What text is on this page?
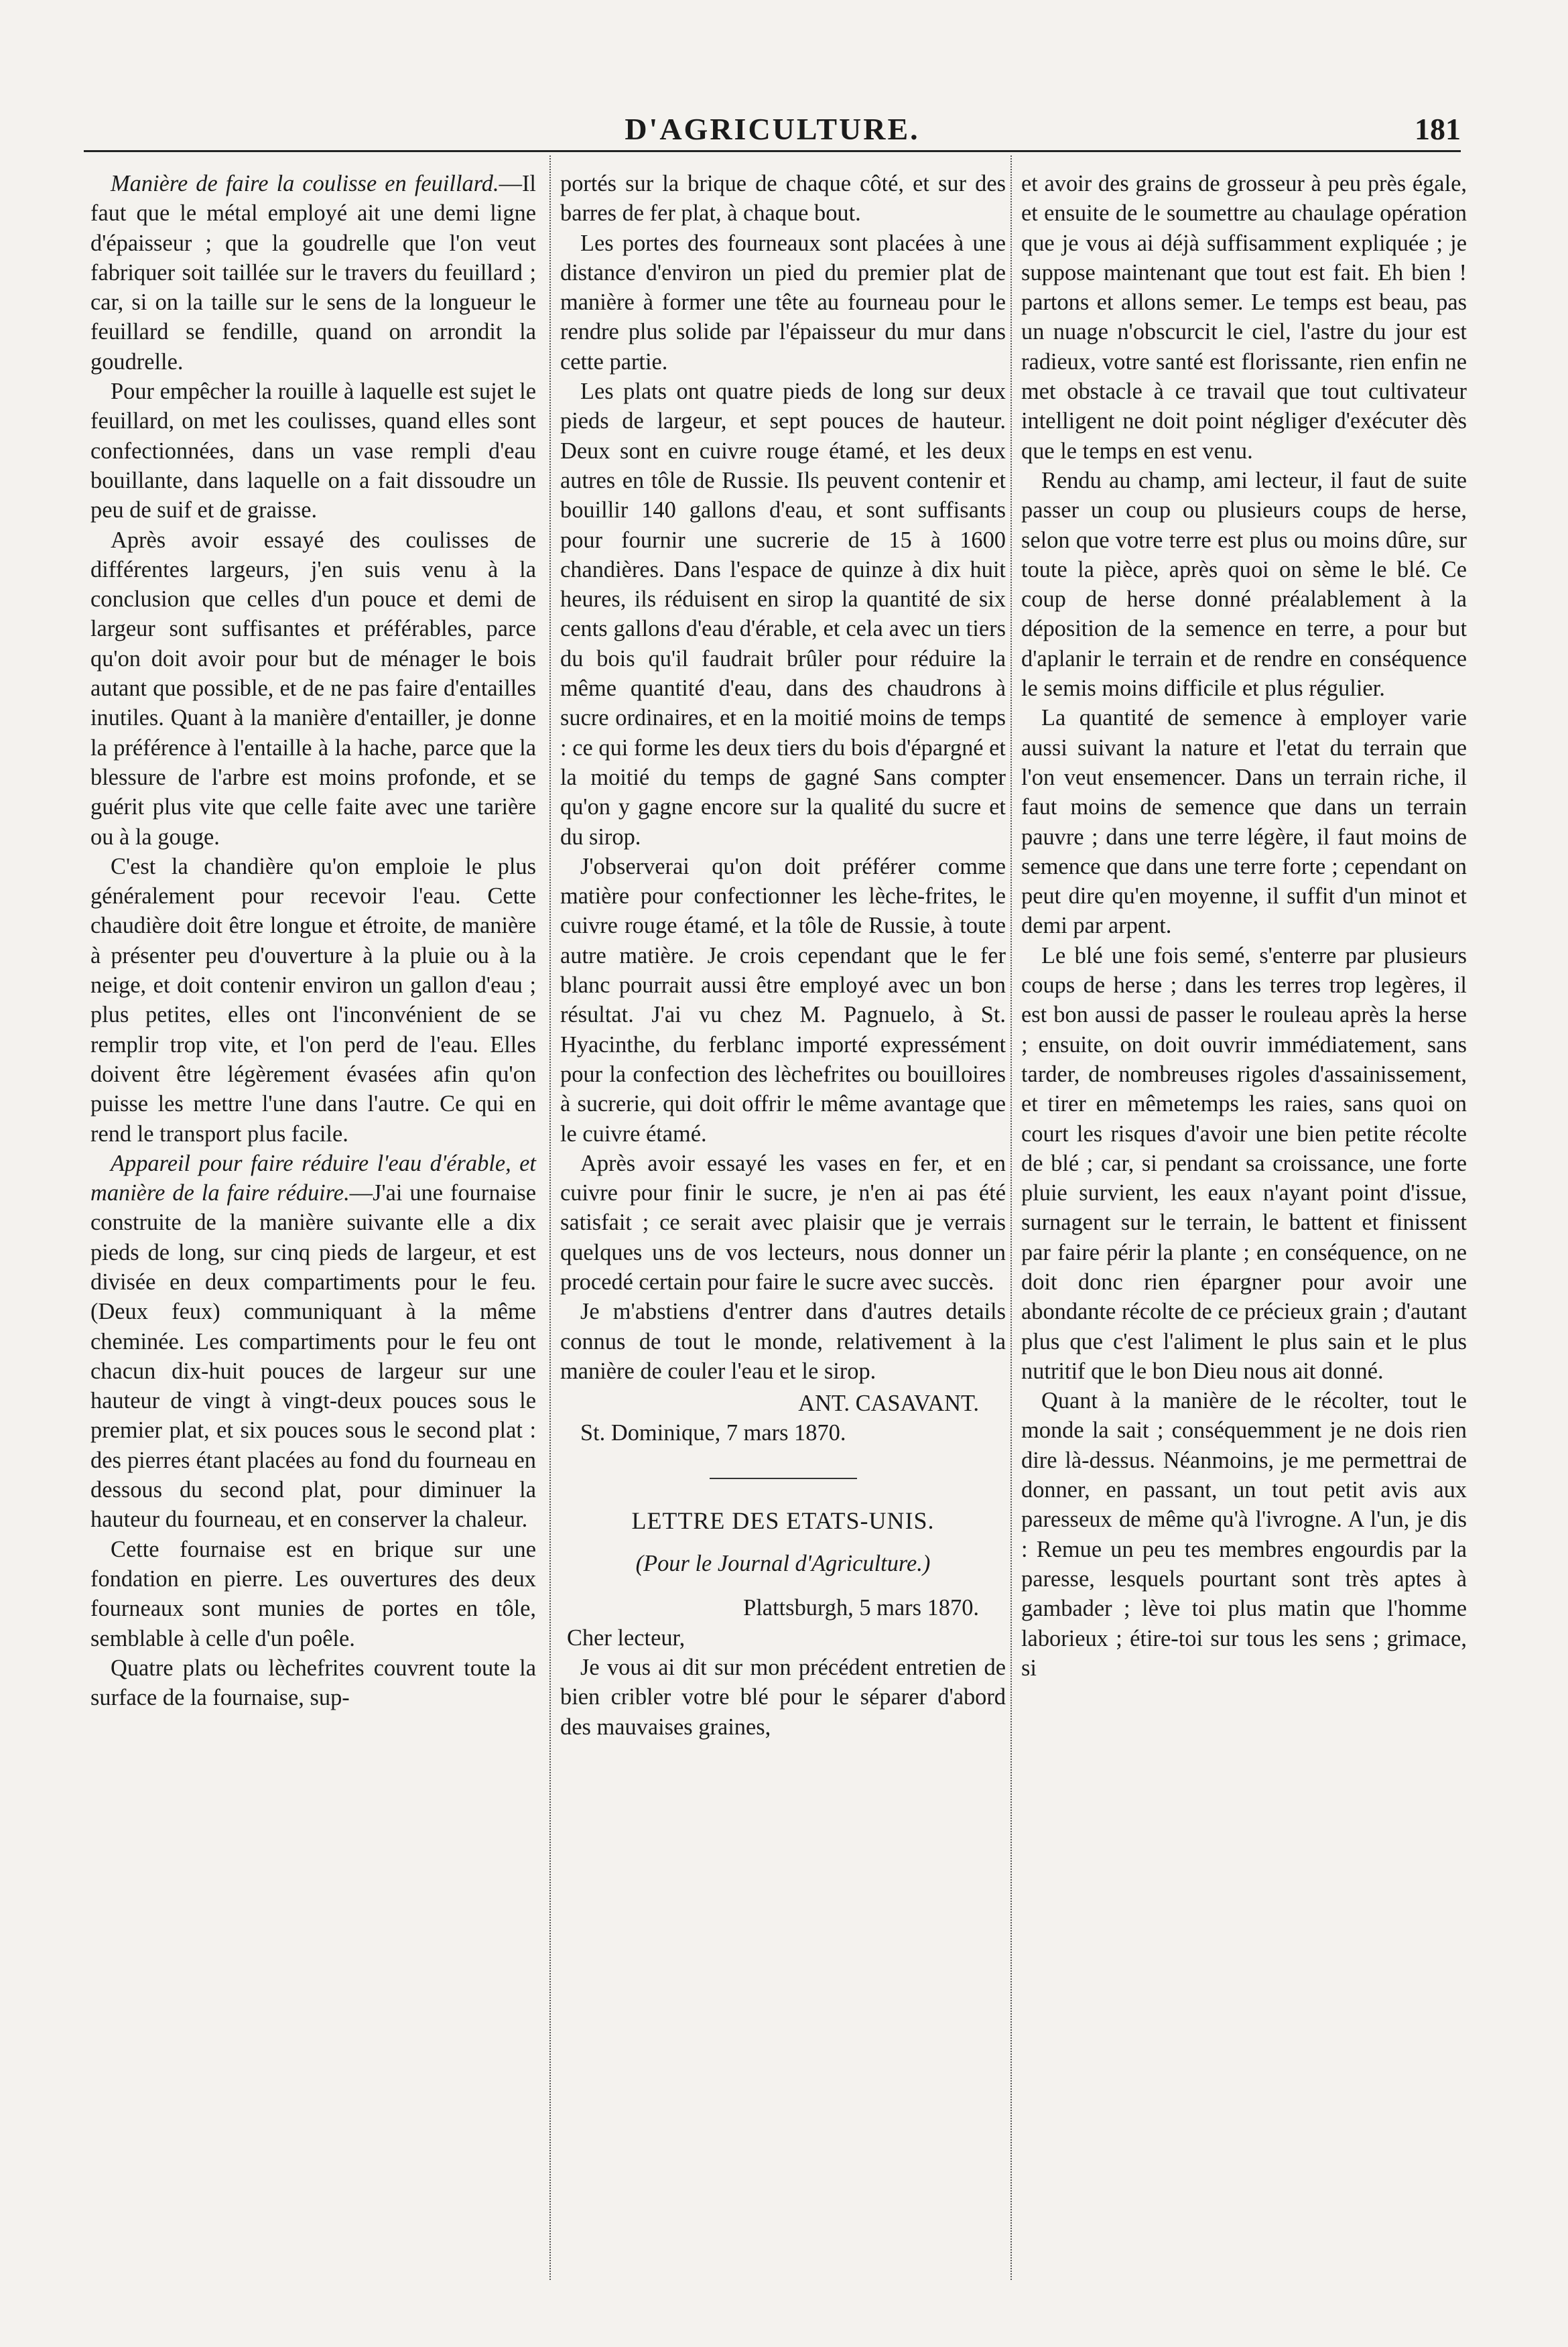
D'AGRICULTURE.	181

Manière de faire la coulisse en feuillard.—Il faut que le métal employé ait une demi ligne d'épaisseur ; que la goudrelle que l'on veut fabriquer soit taillée sur le travers du feuillard ; car, si on la taille sur le sens de la longueur le feuillard se fendille, quand on arrondit la goudrelle.

Pour empêcher la rouille à laquelle est sujet le feuillard, on met les coulisses, quand elles sont confectionnées, dans un vase rempli d'eau bouillante, dans laquelle on a fait dissoudre un peu de suif et de graisse.

Après avoir essayé des coulisses de différentes largeurs, j'en suis venu à la conclusion que celles d'un pouce et demi de largeur sont suffisantes et préférables, parce qu'on doit avoir pour but de ménager le bois autant que possible, et de ne pas faire d'entailles inutiles. Quant à la manière d'entailler, je donne la préférence à l'entaille à la hache, parce que la blessure de l'arbre est moins profonde, et se guérit plus vite que celle faite avec une tarière ou à la gouge.

C'est la chandière qu'on emploie le plus généralement pour recevoir l'eau. Cette chaudière doit être longue et étroite, de manière à présenter peu d'ouverture à la pluie ou à la neige, et doit contenir environ un gallon d'eau ; plus petites, elles ont l'inconvénient de se remplir trop vite, et l'on perd de l'eau. Elles doivent être légèrement évasées afin qu'on puisse les mettre l'une dans l'autre. Ce qui en rend le transport plus facile.

Appareil pour faire réduire l'eau d'érable, et manière de la faire réduire.—J'ai une fournaise construite de la manière suivante elle a dix pieds de long, sur cinq pieds de largeur, et est divisée en deux compartiments pour le feu. (Deux feux) communiquant à la même cheminée. Les compartiments pour le feu ont chacun dix-huit pouces de largeur sur une hauteur de vingt à vingt-deux pouces sous le premier plat, et six pouces sous le second plat : des pierres étant placées au fond du fourneau en dessous du second plat, pour diminuer la hauteur du fourneau, et en conserver la chaleur.

Cette fournaise est en brique sur une fondation en pierre. Les ouvertures des deux fourneaux sont munies de portes en tôle, semblable à celle d'un poêle.

Quatre plats ou lèchefrites couvrent toute la surface de la fournaise, sup-

portés sur la brique de chaque côté, et sur des barres de fer plat, à chaque bout.

Les portes des fourneaux sont placées à une distance d'environ un pied du premier plat de manière à former une tête au fourneau pour le rendre plus solide par l'épaisseur du mur dans cette partie.

Les plats ont quatre pieds de long sur deux pieds de largeur, et sept pouces de hauteur. Deux sont en cuivre rouge étamé, et les deux autres en tôle de Russie. Ils peuvent contenir et bouillir 140 gallons d'eau, et sont suffisants pour fournir une sucrerie de 15 à 1600 chandières. Dans l'espace de quinze à dix huit heures, ils réduisent en sirop la quantité de six cents gallons d'eau d'érable, et cela avec un tiers du bois qu'il faudrait brûler pour réduire la même quantité d'eau, dans des chaudrons à sucre ordinaires, et en la moitié moins de temps : ce qui forme les deux tiers du bois d'épargné et la moitié du temps de gagné Sans compter qu'on y gagne encore sur la qualité du sucre et du sirop.

J'observerai qu'on doit préférer comme matière pour confectionner les lèche-frites, le cuivre rouge étamé, et la tôle de Russie, à toute autre matière. Je crois cependant que le fer blanc pourrait aussi être employé avec un bon résultat. J'ai vu chez M. Pagnuelo, à St. Hyacinthe, du ferblanc importé expressément pour la confection des lèchefrites ou bouilloires à sucrerie, qui doit offrir le même avantage que le cuivre étamé.

Après avoir essayé les vases en fer, et en cuivre pour finir le sucre, je n'en ai pas été satisfait ; ce serait avec plaisir que je verrais quelques uns de vos lecteurs, nous donner un procedé certain pour faire le sucre avec succès.

Je m'abstiens d'entrer dans d'autres details connus de tout le monde, relativement à la manière de couler l'eau et le sirop.

ANT. CASAVANT.

St. Dominique, 7 mars 1870.

LETTRE DES ETATS-UNIS.

(Pour le Journal d'Agriculture.)

Plattsburgh, 5 mars 1870.

Cher lecteur,

Je vous ai dit sur mon précédent entretien de bien cribler votre blé pour le séparer d'abord des mauvaises graines,

et avoir des grains de grosseur à peu près égale, et ensuite de le soumettre au chaulage opération que je vous ai déjà suffisamment expliquée ; je suppose maintenant que tout est fait. Eh bien ! partons et allons semer. Le temps est beau, pas un nuage n'obscurcit le ciel, l'astre du jour est radieux, votre santé est florissante, rien enfin ne met obstacle à ce travail que tout cultivateur intelligent ne doit point négliger d'exécuter dès que le temps en est venu.

Rendu au champ, ami lecteur, il faut de suite passer un coup ou plusieurs coups de herse, selon que votre terre est plus ou moins dûre, sur toute la pièce, après quoi on sème le blé. Ce coup de herse donné préalablement à la déposition de la semence en terre, a pour but d'aplanir le terrain et de rendre en conséquence le semis moins difficile et plus régulier.

La quantité de semence à employer varie aussi suivant la nature et l'etat du terrain que l'on veut ensemencer. Dans un terrain riche, il faut moins de semence que dans un terrain pauvre ; dans une terre légère, il faut moins de semence que dans une terre forte ; cependant on peut dire qu'en moyenne, il suffit d'un minot et demi par arpent.

Le blé une fois semé, s'enterre par plusieurs coups de herse ; dans les terres trop legères, il est bon aussi de passer le rouleau après la herse ; ensuite, on doit ouvrir immédiatement, sans tarder, de nombreuses rigoles d'assainissement, et tirer en mêmetemps les raies, sans quoi on court les risques d'avoir une bien petite récolte de blé ; car, si pendant sa croissance, une forte pluie survient, les eaux n'ayant point d'issue, surnagent sur le terrain, le battent et finissent par faire périr la plante ; en conséquence, on ne doit donc rien épargner pour avoir une abondante récolte de ce précieux grain ; d'autant plus que c'est l'aliment le plus sain et le plus nutritif que le bon Dieu nous ait donné.

Quant à la manière de le récolter, tout le monde la sait ; conséquemment je ne dois rien dire là-dessus. Néanmoins, je me permettrai de donner, en passant, un tout petit avis aux paresseux de même qu'à l'ivrogne. A l'un, je dis : Remue un peu tes membres engourdis par la paresse, lesquels pourtant sont très aptes à gambader ; lève toi plus matin que l'homme laborieux ; étire-toi sur tous les sens ; grimace, si
